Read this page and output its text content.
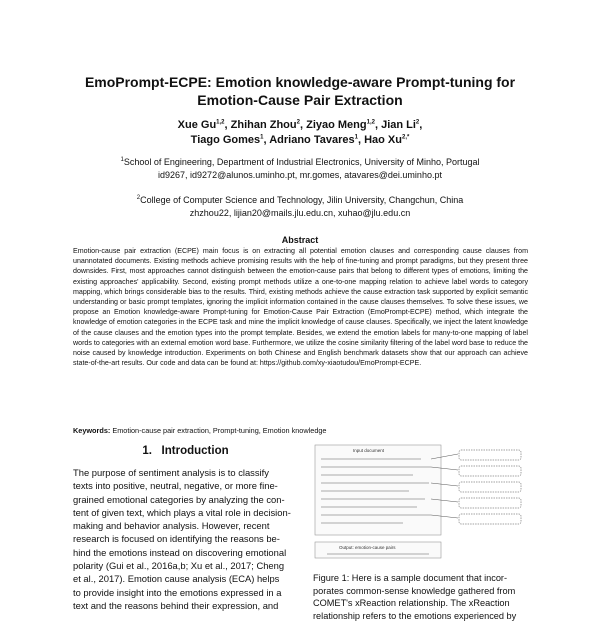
EmoPrompt-ECPE: Emotion knowledge-aware Prompt-tuning for
Emotion-Cause Pair Extraction
Xue Gu$^{1,2}$, Zhihan Zhou$^2$, Ziyao Meng$^{1,2}$, Jian Li$^2$,
Tiago Gomes$^1$, Adriano Tavares$^1$, Hao $Xu^{2,*}$
$^1$School of Engineering, Department of Industrial Electronics, University of Minho, Portugal
id9267, id9272@alunos.uminho.pt, mr.gomes, atavares@dei.uminho.pt
$^2$College of Computer Science and Technology, Jilin University, Changchun, China
zhzhou22, lijian20@mails.jlu.edu.cn, xuhao@jlu.edu.cn
Abstract
Emotion-cause pair extraction (ECPE) main focus is on extracting all potential emotion clauses and corresponding cause clauses from unannotated documents. Existing methods achieve promising results with the help of fine-tuning and prompt paradigms, but they present three downsides. First, most approaches cannot distinguish between the emotion-cause pairs that belong to different types of emotions, limiting the existing approaches' applicability. Second, existing prompt methods utilize a one-to-one mapping relation to achieve label words to category mapping, which brings considerable bias to the results. Third, existing methods achieve the cause extraction task supported by explicit semantic understanding or basic prompt templates, ignoring the implicit information contained in the cause clauses themselves. To solve these issues, we propose an Emotion knowledge-aware Prompt-tuning for Emotion-Cause Pair Extraction (EmoPrompt-ECPE) method, which integrate the knowledge of emotion categories in the ECPE task and mine the implicit knowledge of cause clauses. Specifically, we inject the latent knowledge of the cause clauses and the emotion types into the prompt template. Besides, we extend the emotion labels for many-to-one mapping of label words to categories with an external emotion word base. Furthermore, we utilize the cosine similarity filtering of the label word base to reduce the noise caused by knowledge introduction. Experiments on both Chinese and English benchmark datasets show that our approach can achieve state-of-the-art results. Our code and data can be found at: https://github.com/xy-xiaotudou/EmoPrompt-ECPE.
Keywords: Emotion-cause pair extraction, Prompt-tuning, Emotion knowledge
1. Introduction
The purpose of sentiment analysis is to classify
texts into positive, neutral, negative, or more fine-
grained emotional categories by analyzing the con-
tent of given text, which plays a vital role in decision-
making and behavior analysis. However, recent
research is focused on identifying the reasons be-
hind the emotions instead on discovering emotional
polarity (Gui et al., 2016a,b; Xu et al., 2017; Cheng
et al., 2017). Emotion cause analysis (ECA) helps
to provide insight into the emotions expressed in a
text and the reasons behind their expression, and
Input document
Output: emotion-cause pairs
Figure 1: Here is a sample document that incor-
porates common-sense knowledge gathered from
COMET's xReaction relationship. The xReaction
relationship refers to the emotions experienced by
